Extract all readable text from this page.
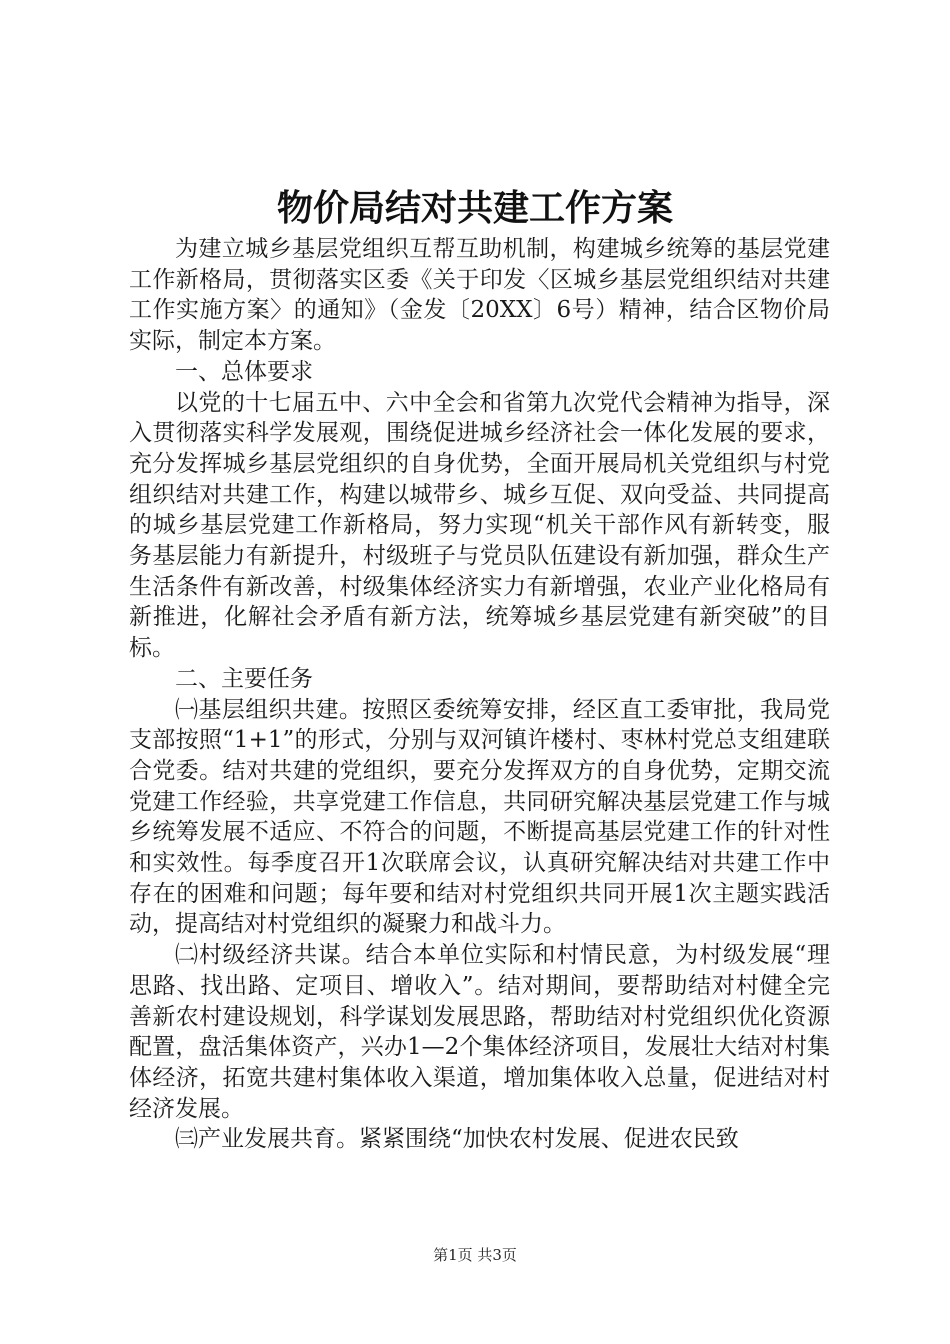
物价局结对共建工作方案

为建立城乡基层党组织互帮互助机制，构建城乡统筹的基层党建工作新格局，贯彻落实区委《关于印发〈区城乡基层党组织结对共建工作实施方案〉的通知》（金发〔20XX〕6号）精神，结合区物价局实际，制定本方案。

一、总体要求

以党的十七届五中、六中全会和省第九次党代会精神为指导，深入贯彻落实科学发展观，围绕促进城乡经济社会一体化发展的要求，充分发挥城乡基层党组织的自身优势，全面开展局机关党组织与村党组织结对共建工作，构建以城带乡、城乡互促、双向受益、共同提高的城乡基层党建工作新格局，努力实现“机关干部作风有新转变，服务基层能力有新提升，村级班子与党员队伍建设有新加强，群众生产生活条件有新改善，村级集体经济实力有新增强，农业产业化格局有新推进，化解社会矛盾有新方法，统筹城乡基层党建有新突破”的目标。

二、主要任务

㈠基层组织共建。按照区委统筹安排，经区直工委审批，我局党支部按照“1+1”的形式，分别与双河镇许楼村、枣林村党总支组建联合党委。结对共建的党组织，要充分发挥双方的自身优势，定期交流党建工作经验，共享党建工作信息，共同研究解决基层党建工作与城乡统筹发展不适应、不符合的问题，不断提高基层党建工作的针对性和实效性。每季度召开1次联席会议，认真研究解决结对共建工作中存在的困难和问题；每年要和结对村党组织共同开展1次主题实践活动，提高结对村党组织的凝聚力和战斗力。

㈡村级经济共谋。结合本单位实际和村情民意，为村级发展“理思路、找出路、定项目、增收入”。结对期间，要帮助结对村健全完善新农村建设规划，科学谋划发展思路，帮助结对村党组织优化资源配置，盘活集体资产，兴办1—2个集体经济项目，发展壮大结对村集体经济，拓宽共建村集体收入渠道，增加集体收入总量，促进结对村经济发展。

㈢产业发展共育。紧紧围绕“加快农村发展、促进农民致

第1页 共3页
